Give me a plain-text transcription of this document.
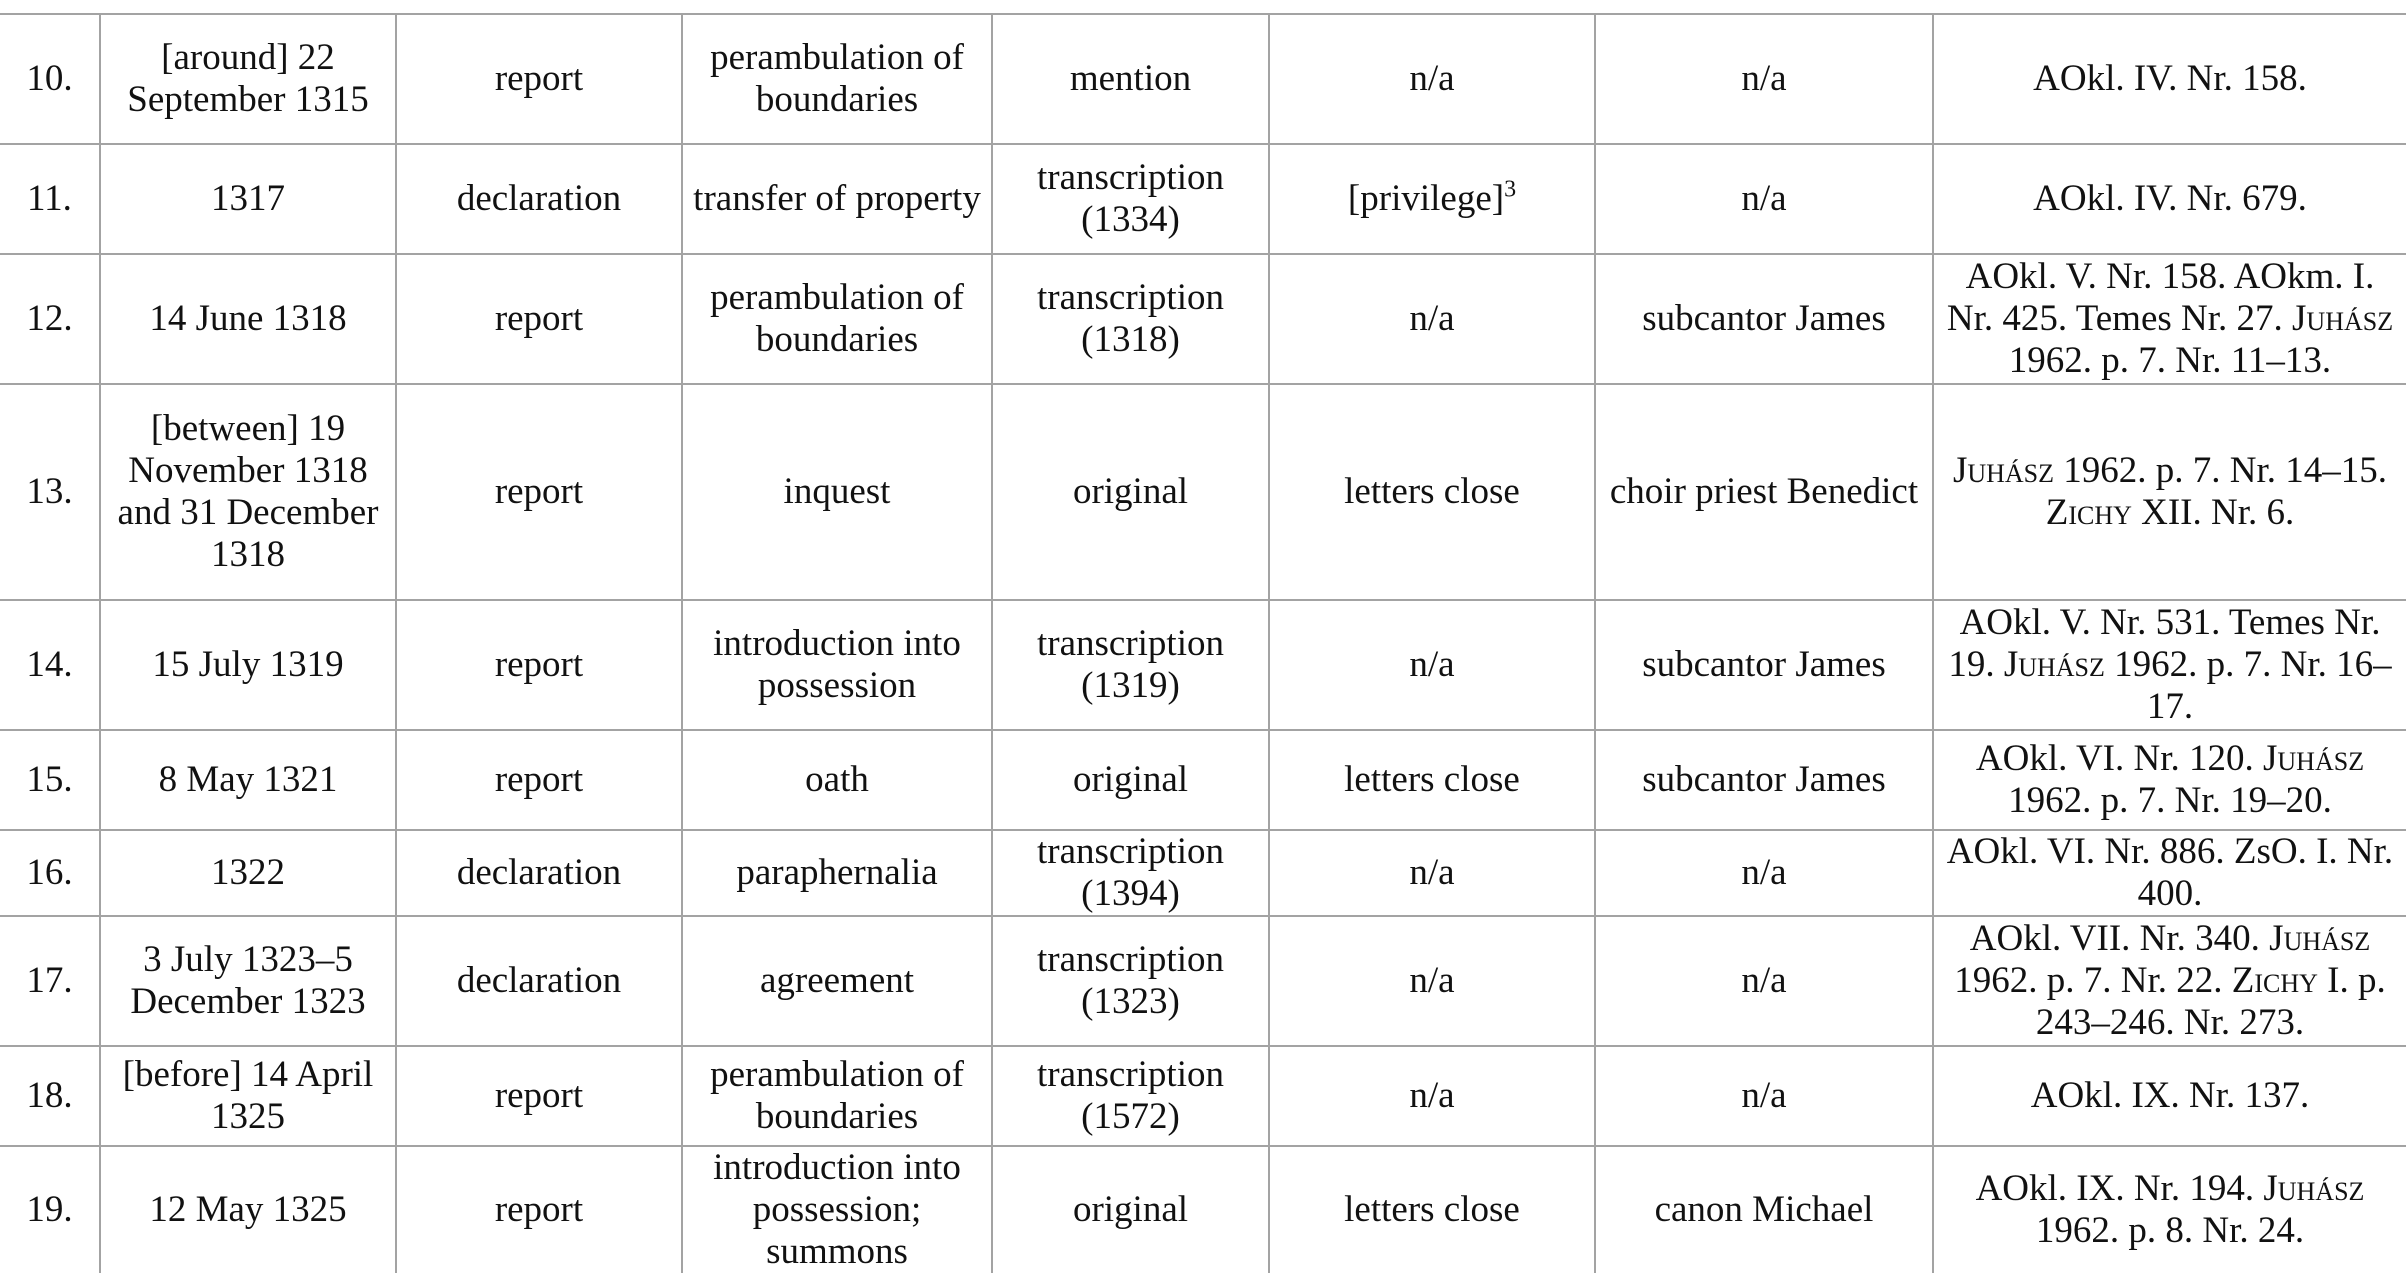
10.	[around] 22 September 1315	report	perambulation of boundaries	mention	n/a	n/a	AOkl. IV. Nr. 158.
11.	1317	declaration	transfer of property	transcription (1334)	[privilege]$^3$	n/a	AOkl. IV. Nr. 679.
12.	14 June 1318	report	perambulation of boundaries	transcription (1318)	n/a	subcantor James	AOkl. V. Nr. 158. AOkm. I. Nr. 425. Temes Nr. 27. Juhász 1962. p. 7. Nr. 11–13.
13.	[between] 19 November 1318 and 31 December 1318	report	inquest	original	letters close	choir priest Benedict	Juhász 1962. p. 7. Nr. 14–15. Zichy XII. Nr. 6.
14.	15 July 1319	report	introduction into possession	transcription (1319)	n/a	subcantor James	AOkl. V. Nr. 531. Temes Nr. 19. Juhász 1962. p. 7. Nr. 16–17.
15.	8 May 1321	report	oath	original	letters close	subcantor James	AOkl. VI. Nr. 120. Juhász 1962. p. 7. Nr. 19–20.
16.	1322	declaration	paraphernalia	transcription (1394)	n/a	n/a	AOkl. VI. Nr. 886. ZsO. I. Nr. 400.
17.	3 July 1323–5 December 1323	declaration	agreement	transcription (1323)	n/a	n/a	AOkl. VII. Nr. 340. Juhász 1962. p. 7. Nr. 22. Zichy I. p. 243–246. Nr. 273.
18.	[before] 14 April 1325	report	perambulation of boundaries	transcription (1572)	n/a	n/a	AOkl. IX. Nr. 137.
19.	12 May 1325	report	introduction into possession; summons	original	letters close	canon Michael	AOkl. IX. Nr. 194. Juhász 1962. p. 8. Nr. 24.
